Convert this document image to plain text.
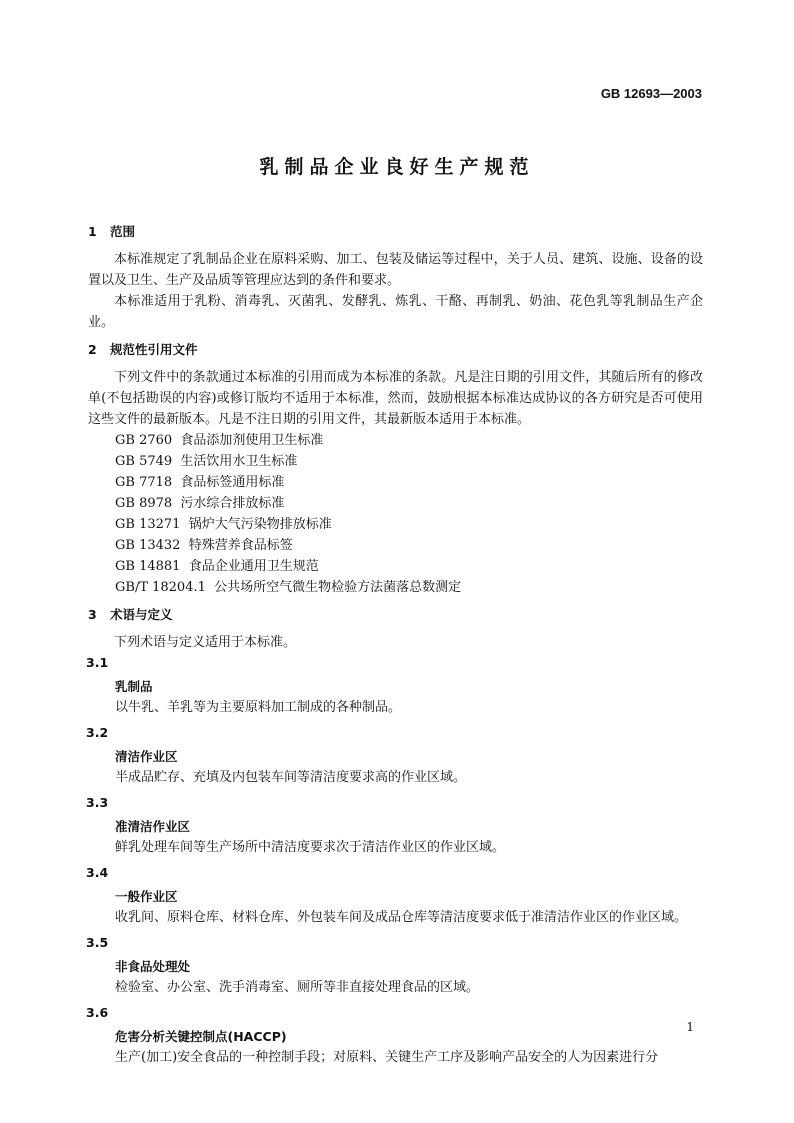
GB 12693—2003
乳制品企业良好生产规范
1 范围

本标准规定了乳制品企业在原料采购、加工、包装及储运等过程中，关于人员、建筑、设施、设备的设置以及卫生、生产及品质等管理应达到的条件和要求。

本标准适用于乳粉、消毒乳、灭菌乳、发酵乳、炼乳、干酪、再制乳、奶油、花色乳等乳制品生产企业。

2 规范性引用文件

下列文件中的条款通过本标准的引用而成为本标准的条款。凡是注日期的引用文件，其随后所有的修改单(不包括勘误的内容)或修订版均不适用于本标准，然而，鼓励根据本标准达成协议的各方研究是否可使用这些文件的最新版本。凡是不注日期的引用文件，其最新版本适用于本标准。

GB 2760  食品添加剂使用卫生标准
GB 5749  生活饮用水卫生标准
GB 7718  食品标签通用标准
GB 8978  污水综合排放标准
GB 13271  锅炉大气污染物排放标准
GB 13432  特殊营养食品标签
GB 14881  食品企业通用卫生规范
GB/T 18204.1  公共场所空气微生物检验方法菌落总数测定
3 术语与定义

下列术语与定义适用于本标准。

3.1
乳制品
以牛乳、羊乳等为主要原料加工制成的各种制品。
3.2
清洁作业区
半成品贮存、充填及内包装车间等清洁度要求高的作业区域。
3.3
准清洁作业区
鲜乳处理车间等生产场所中清洁度要求次于清洁作业区的作业区域。
3.4
一般作业区
收乳间、原料仓库、材料仓库、外包装车间及成品仓库等清洁度要求低于准清洁作业区的作业区域。
3.5
非食品处理处
检验室、办公室、洗手消毒室、厕所等非直接处理食品的区域。
3.6
危害分析关键控制点(HACCP)
生产(加工)安全食品的一种控制手段；对原料、关键生产工序及影响产品安全的人为因素进行分
1
